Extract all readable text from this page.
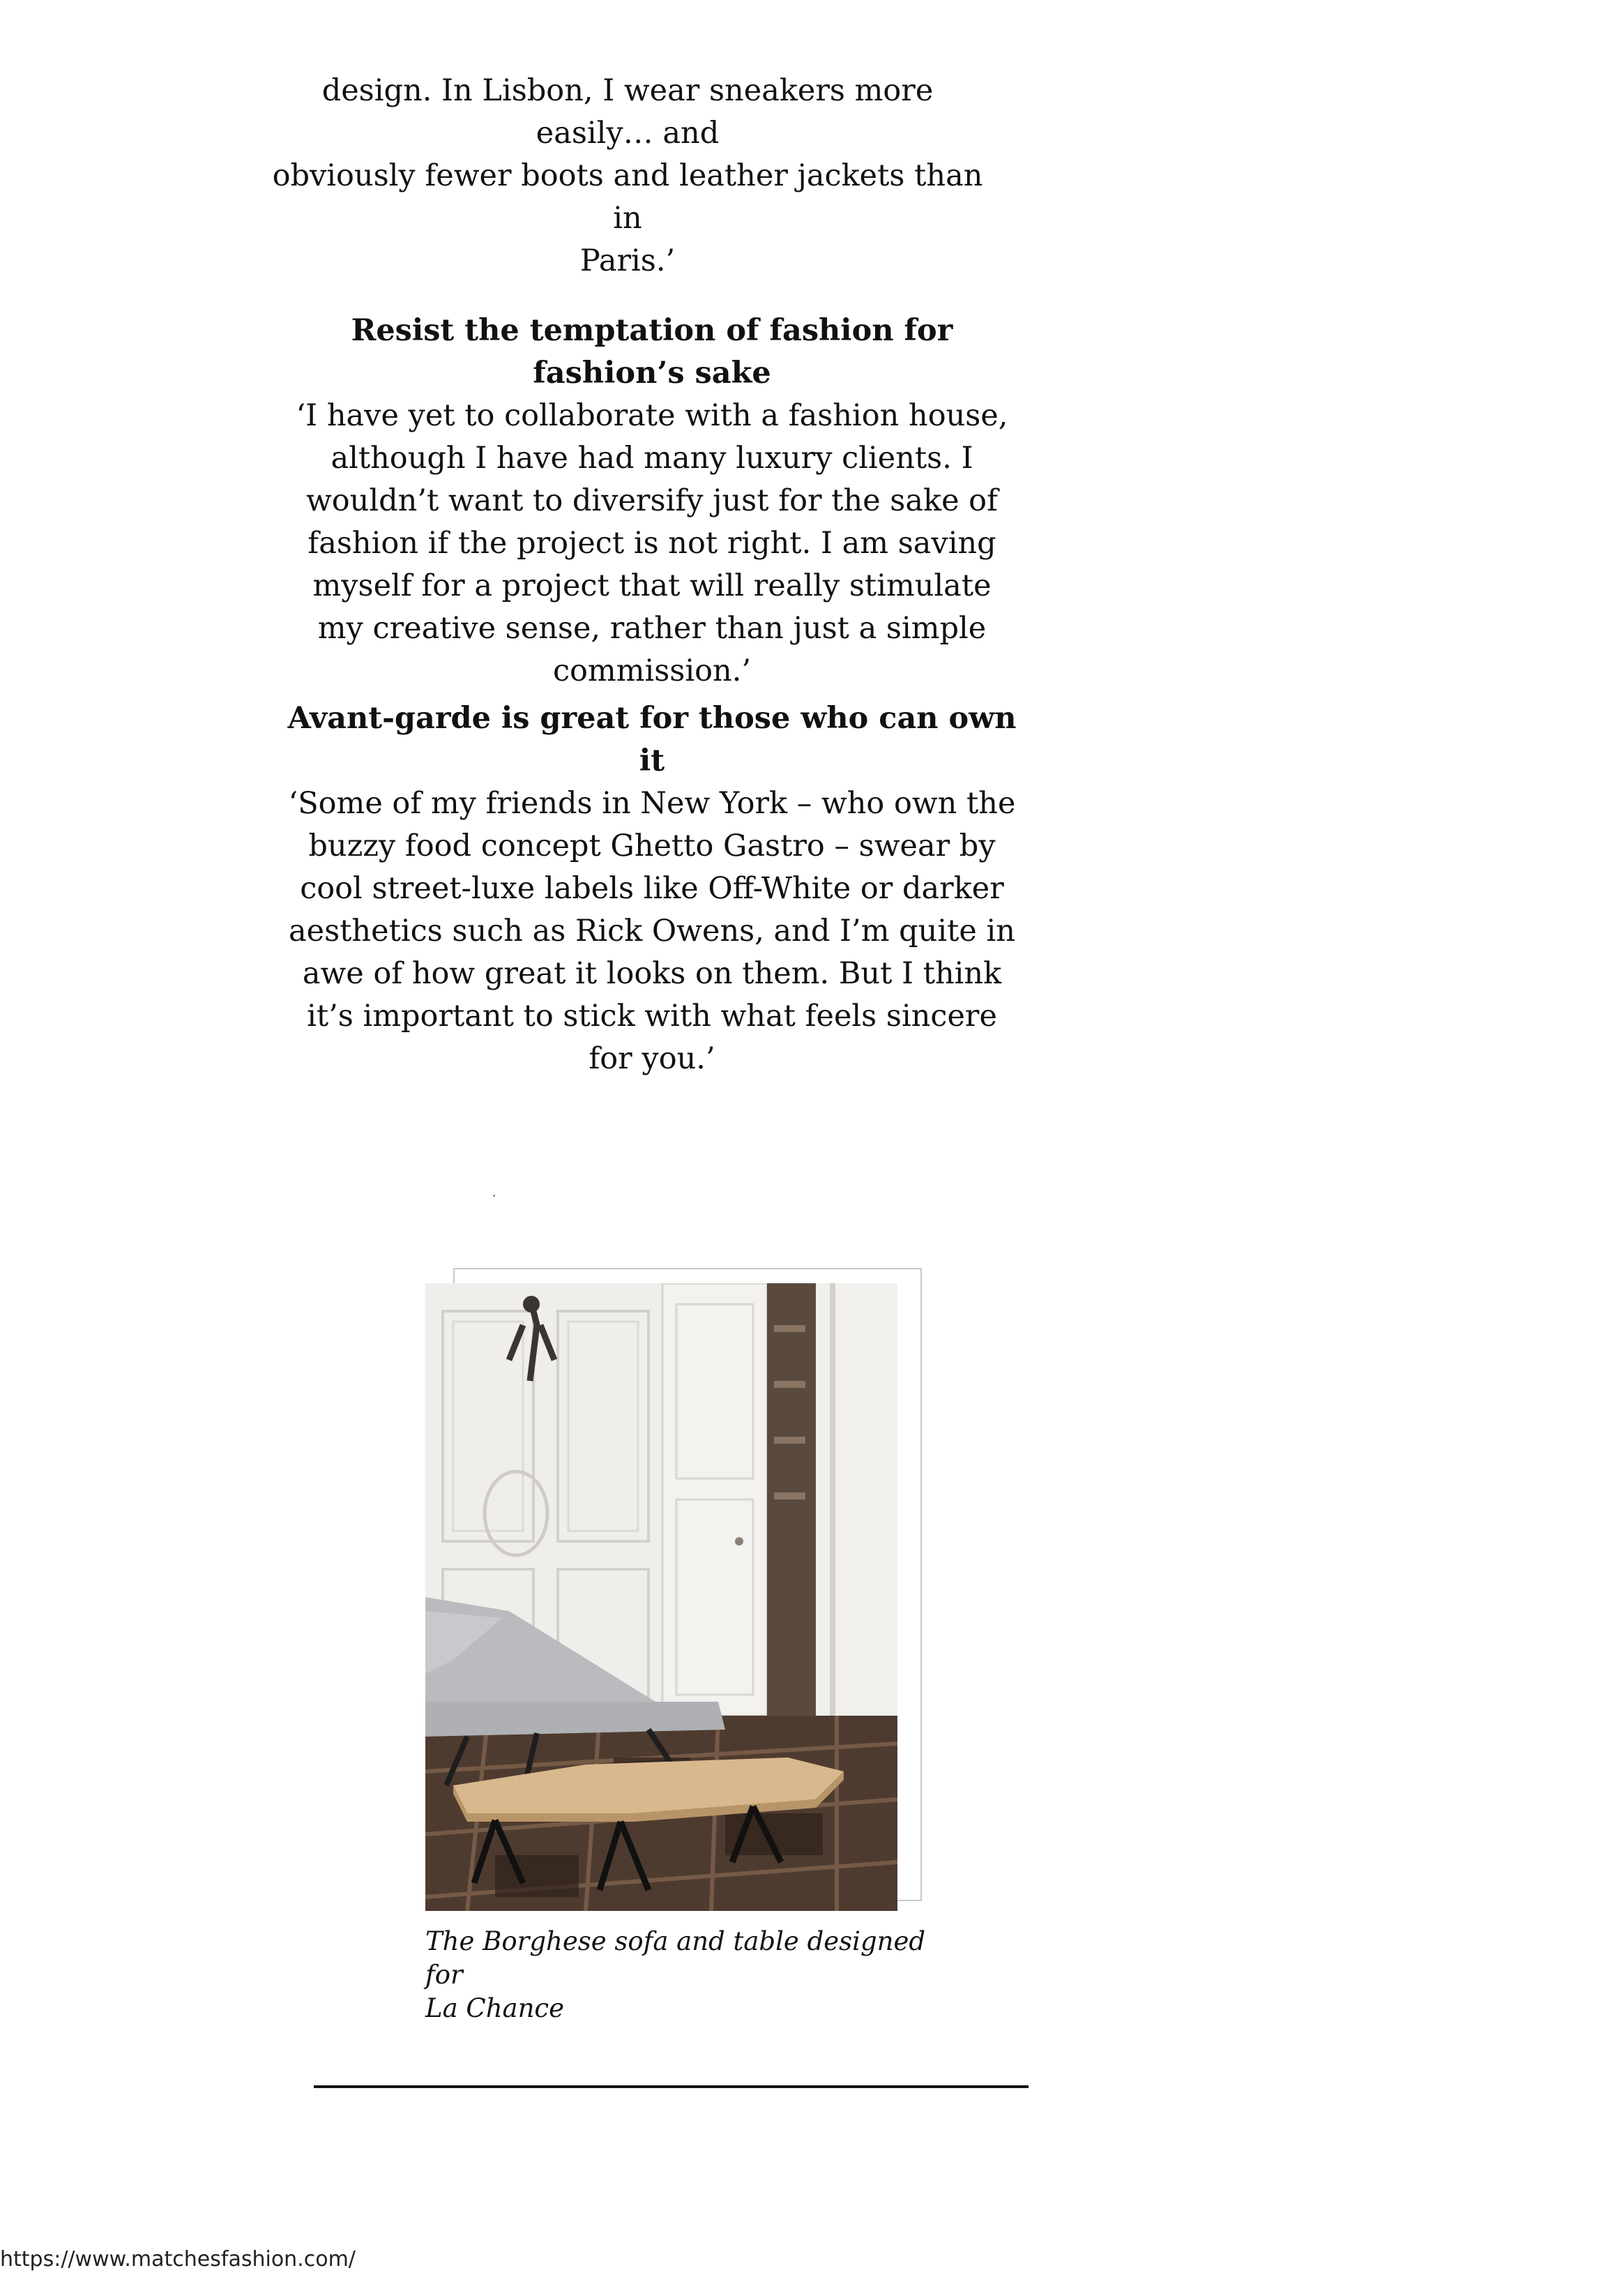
design. In Lisbon, I wear sneakers more easily… and
obviously fewer boots and leather jackets than in
Paris.’
Resist the temptation of fashion for fashion’s sake
‘I have yet to collaborate with a fashion house, although I have had many luxury clients. I wouldn’t want to diversify just for the sake of fashion if the project is not right. I am saving myself for a project that will really stimulate my creative sense, rather than just a simple commission.’
Avant-garde is great for those who can own it
‘Some of my friends in New York – who own the buzzy food concept Ghetto Gastro – swear by cool street-luxe labels like Off-White or darker aesthetics such as Rick Owens, and I’m quite in awe of how great it looks on them. But I think it’s important to stick with what feels sincere for you.’
The Borghese sofa and table designed for
La Chance
https://www.matchesfashion.com/
